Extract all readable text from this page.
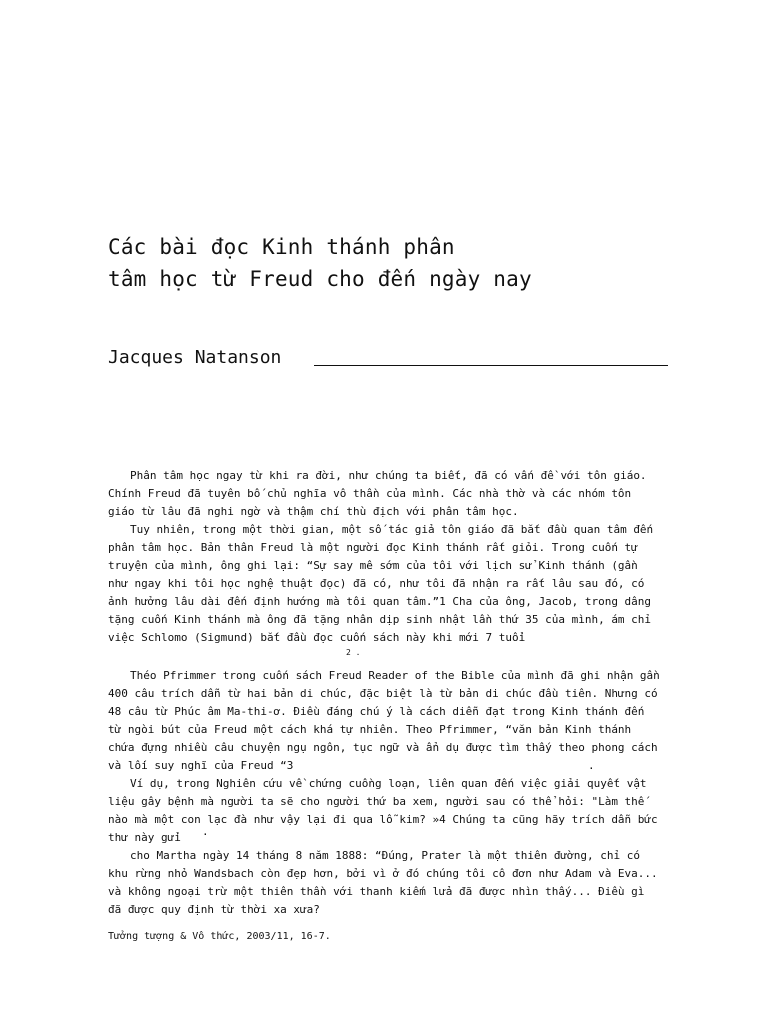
Các bài đọc Kinh thánh phân
tâm học từ Freud cho đến ngày nay
Jacques Natanson
Phân tâm học ngay từ khi ra đời, như chúng ta biết, đã có vấn đề với tôn giáo.
Chính Freud đã tuyên bố chủ nghĩa vô thần của mình. Các nhà thờ và các nhóm tôn
giáo từ lâu đã nghi ngờ và thậm chí thù địch với phân tâm học.
Tuy nhiên, trong một thời gian, một số tác giả tôn giáo đã bắt đầu quan tâm đến
phân tâm học. Bản thân Freud là một người đọc Kinh thánh rất giỏi. Trong cuốn tự
truyện của mình, ông ghi lại: “Sự say mê sớm của tôi với lịch sử Kinh thánh (gần
như ngay khi tôi học nghệ thuật đọc) đã có, như tôi đã nhận ra rất lâu sau đó, có
ảnh hưởng lâu dài đến định hướng mà tôi quan tâm.”1 Cha của ông, Jacob, trong dâng
tặng cuốn Kinh thánh mà ông đã tặng nhân dịp sinh nhật lần thứ 35 của mình, ám chỉ
việc Schlomo (Sigmund) bắt đầu đọc cuốn sách này khi mới 7 tuổi
2 .
Théo Pfrimmer trong cuốn sách Freud Reader of the Bible của mình đã ghi nhận gần
400 câu trích dẫn từ hai bản di chúc, đặc biệt là từ bản di chúc đầu tiên. Nhưng có
48 câu từ Phúc âm Ma-thi-ơ. Điều đáng chú ý là cách diễn đạt trong Kinh thánh đến
từ ngòi bút của Freud một cách khá tự nhiên. Theo Pfrimmer, “văn bản Kinh thánh
chứa đựng nhiều câu chuyện ngụ ngôn, tục ngữ và ẩn dụ được tìm thấy theo phong cách
và lối suy nghĩ của Freud “3	.
Ví dụ, trong Nghiên cứu về chứng cuồng loạn, liên quan đến việc giải quyết vật
liệu gây bệnh mà người ta sẽ cho người thứ ba xem, người sau có thể hỏi: "Làm thế
nào mà một con lạc đà như vậy lại đi qua lỗ kim? »4 Chúng ta cũng hãy trích dẫn bức
thư này gửi ·
cho Martha ngày 14 tháng 8 năm 1888: “Đúng, Prater là một thiên đường, chỉ có
khu rừng nhỏ Wandsbach còn đẹp hơn, bởi vì ở đó chúng tôi cô đơn như Adam và Eva...
và không ngoại trừ một thiên thần với thanh kiếm lửa đã được nhìn thấy... Điều gì
đã được quy định từ thời xa xưa?
Tưởng tượng & Vô thức, 2003/11, 16-7.
